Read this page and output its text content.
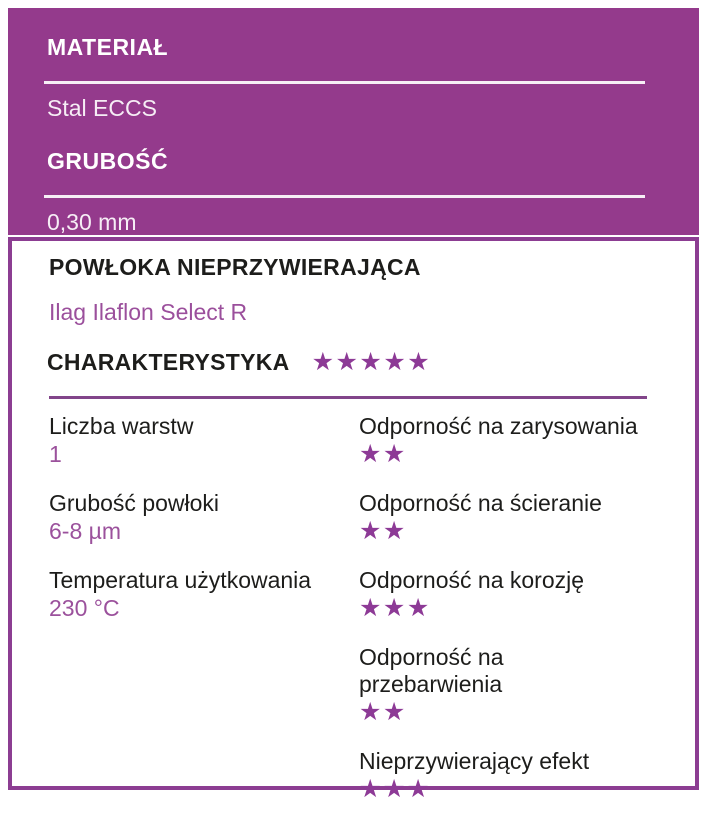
MATERIAŁ
Stal ECCS
GRUBOŚĆ
0,30 mm
POWŁOKA NIEPRZYWIERAJĄCA
Ilag Ilaflon Select R
CHARAKTERYSTYKA ★★★★★
Liczba warstw
1
Grubość powłoki
6-8 µm
Temperatura użytkowania
230 °C
Odporność na zarysowania
★★
Odporność na ścieranie
★★
Odporność na korozję
★★★
Odporność na przebarwienia
★★
Nieprzywierający efekt
★★★
